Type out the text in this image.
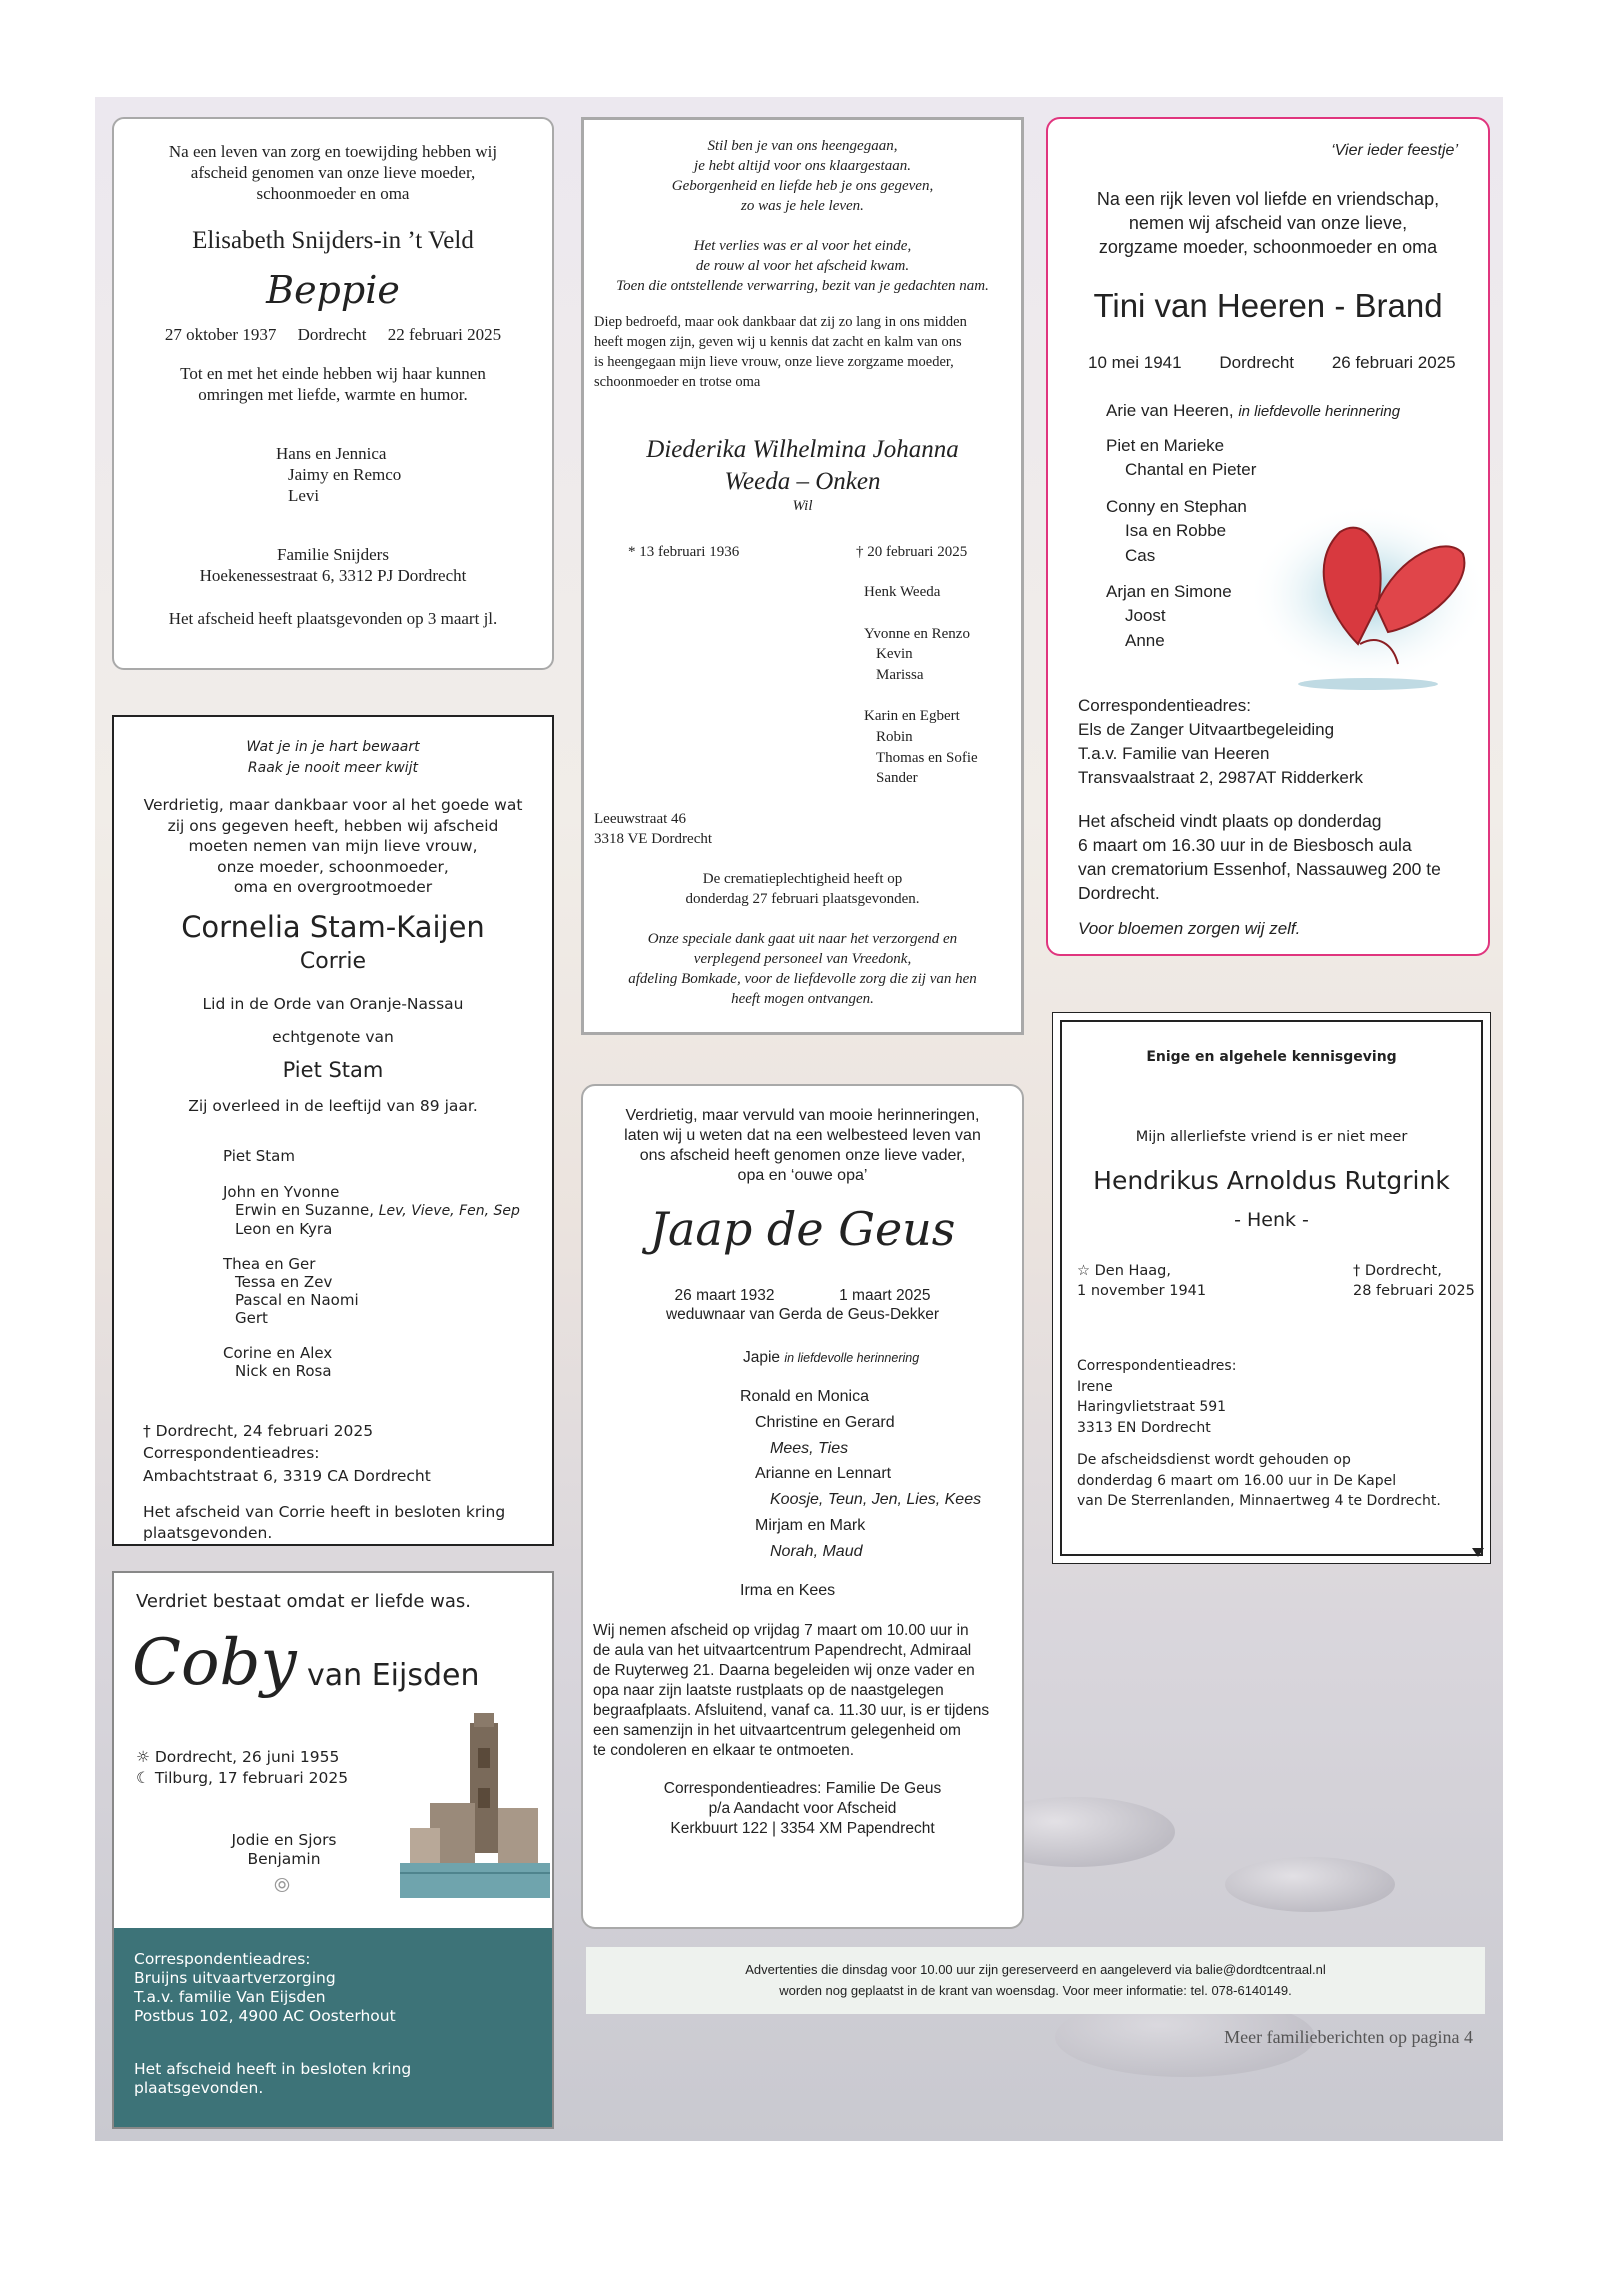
Na een leven van zorg en toewijding hebben wij
afscheid genomen van onze lieve moeder,
schoonmoeder en oma
Elisabeth Snijders-in ’t Veld
Beppie
27 oktober 1937 Dordrecht 22 februari 2025
Tot en met het einde hebben wij haar kunnen
omringen met liefde, warmte en humor.
Hans en Jennica
Jaimy en Remco
Levi
Familie Snijders
Hoekenessestraat 6, 3312 PJ Dordrecht
Het afscheid heeft plaatsgevonden op 3 maart jl.
Stil ben je van ons heengegaan,
je hebt altijd voor ons klaargestaan.
Geborgenheid en liefde heb je ons gegeven,
zo was je hele leven.
Het verlies was er al voor het einde,
de rouw al voor het afscheid kwam.
Toen die ontstellende verwarring, bezit van je gedachten nam.
Diep bedroefd, maar ook dankbaar dat zij zo lang in ons midden
heeft mogen zijn, geven wij u kennis dat zacht en kalm van ons
is heengegaan mijn lieve vrouw, onze lieve zorgzame moeder,
schoonmoeder en trotse oma
Diederika Wilhelmina Johanna
Weeda – Onken
Wil
* 13 februari 1936	† 20 februari 2025
Henk Weeda
Yvonne en Renzo
Kevin
Marissa
Karin en Egbert
Robin
Thomas en Sofie
Sander
Leeuwstraat 46
3318 VE Dordrecht
De crematieplechtigheid heeft op
donderdag 27 februari plaatsgevonden.
Onze speciale dank gaat uit naar het verzorgend en
verplegend personeel van Vreedonk,
afdeling Bomkade, voor de liefdevolle zorg die zij van hen
heeft mogen ontvangen.
‘Vier ieder feestje’
Na een rijk leven vol liefde en vriendschap,
nemen wij afscheid van onze lieve,
zorgzame moeder, schoonmoeder en oma
Tini van Heeren - Brand
10 mei 1941 Dordrecht 26 februari 2025
Arie van Heeren, in liefdevolle herinnering
Piet en Marieke
Chantal en Pieter
Conny en Stephan
Isa en Robbe
Cas
Arjan en Simone
Joost
Anne
Correspondentieadres:
Els de Zanger Uitvaartbegeleiding
T.a.v. Familie van Heeren
Transvaalstraat 2, 2987AT Ridderkerk
Het afscheid vindt plaats op donderdag
6 maart om 16.30 uur in de Biesbosch aula
van crematorium Essenhof, Nassauweg 200 te
Dordrecht.
Voor bloemen zorgen wij zelf.
Wat je in je hart bewaart
Raak je nooit meer kwijt
Verdrietig, maar dankbaar voor al het goede wat
zij ons gegeven heeft, hebben wij afscheid
moeten nemen van mijn lieve vrouw,
onze moeder, schoonmoeder,
oma en overgrootmoeder
Cornelia Stam-Kaijen
Corrie
Lid in de Orde van Oranje-Nassau
echtgenote van
Piet Stam
Zij overleed in de leeftijd van 89 jaar.
Piet Stam
John en Yvonne
Erwin en Suzanne, Lev, Vieve, Fen, Sep
Leon en Kyra
Thea en Ger
Tessa en Zev
Pascal en Naomi
Gert
Corine en Alex
Nick en Rosa
† Dordrecht, 24 februari 2025
Correspondentieadres:
Ambachtstraat 6, 3319 CA Dordrecht
Het afscheid van Corrie heeft in besloten kring
plaatsgevonden.
Verdrietig, maar vervuld van mooie herinneringen,
laten wij u weten dat na een welbesteed leven van
ons afscheid heeft genomen onze lieve vader,
opa en ‘ouwe opa’
Jaap de Geus
26 maart 1932	1 maart 2025
weduwnaar van Gerda de Geus-Dekker
Japie in liefdevolle herinnering
Ronald en Monica
Christine en Gerard
Mees, Ties
Arianne en Lennart
Koosje, Teun, Jen, Lies, Kees
Mirjam en Mark
Norah, Maud
Irma en Kees
Wij nemen afscheid op vrijdag 7 maart om 10.00 uur in
de aula van het uitvaartcentrum Papendrecht, Admiraal
de Ruyterweg 21. Daarna begeleiden wij onze vader en
opa naar zijn laatste rustplaats op de naastgelegen
begraafplaats. Afsluitend, vanaf ca. 11.30 uur, is er tijdens
een samenzijn in het uitvaartcentrum gelegenheid om
te condoleren en elkaar te ontmoeten.
Correspondentieadres: Familie De Geus
p/a Aandacht voor Afscheid
Kerkbuurt 122 | 3354 XM Papendrecht
Enige en algehele kennisgeving
Mijn allerliefste vriend is er niet meer
Hendrikus Arnoldus Rutgrink
- Henk -
☆ Den Haag,
1 november 1941
† Dordrecht,
28 februari 2025
Correspondentieadres:
Irene
Haringvlietstraat 591
3313 EN Dordrecht
De afscheidsdienst wordt gehouden op
donderdag 6 maart om 16.00 uur in De Kapel
van De Sterrenlanden, Minnaertweg 4 te Dordrecht.
Verdriet bestaat omdat er liefde was.
Coby van Eijsden
☼ Dordrecht, 26 juni 1955
☾ Tilburg, 17 februari 2025
Jodie en Sjors
Benjamin
⦾
Correspondentieadres:
Bruijns uitvaartverzorging
T.a.v. familie Van Eijsden
Postbus 102, 4900 AC Oosterhout
Het afscheid heeft in besloten kring
plaatsgevonden.
Advertenties die dinsdag voor 10.00 uur zijn gereserveerd en aangeleverd via balie@dordtcentraal.nl
worden nog geplaatst in de krant van woensdag. Voor meer informatie: tel. 078-6140149.
Meer familieberichten op pagina 4
